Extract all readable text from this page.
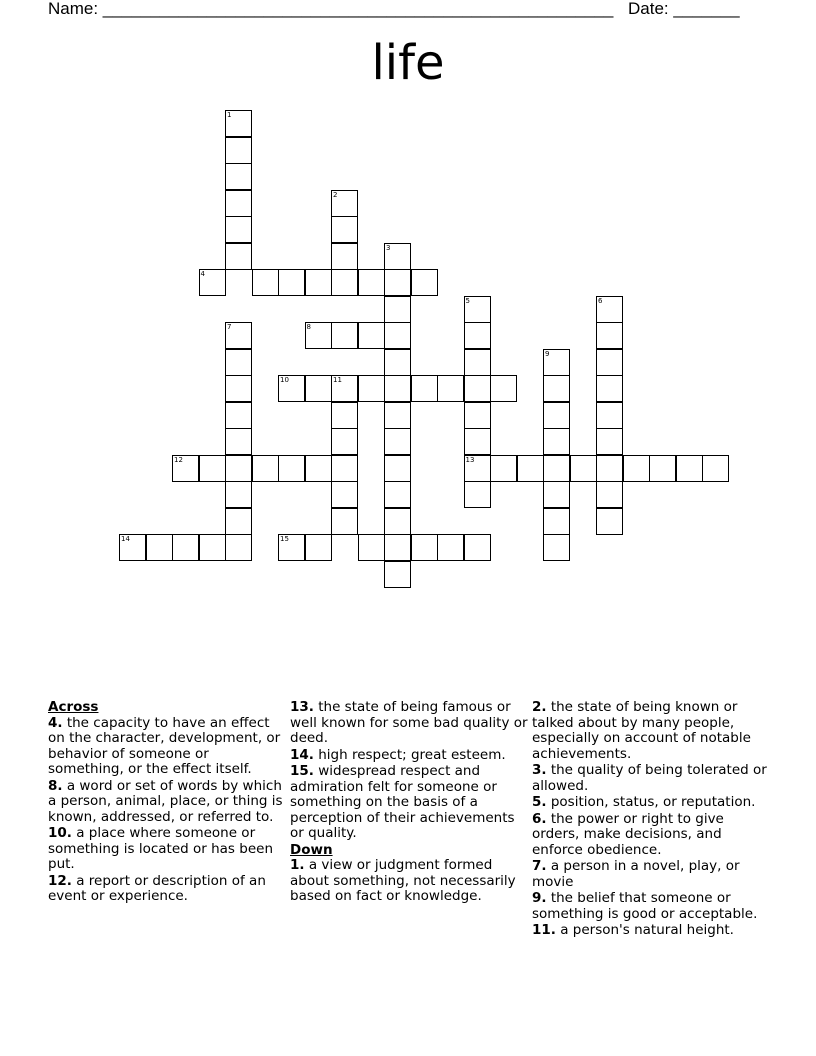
Name: ______________________________________________________ Date: _______
life
1
2
3
4
5
13
6
7	8
9
10	11
12
14	15
Across
4. the capacity to have an effect on the character, development, or behavior of someone or something, or the effect itself.
8. a word or set of words by which a person, animal, place, or thing is known, addressed, or referred to.
10. a place where someone or something is located or has been put.
12. a report or description of an event or experience.
13. the state of being famous or well known for some bad quality or deed.
14. high respect; great esteem.
15. widespread respect and admiration felt for someone or something on the basis of a perception of their achievements or quality.
Down
1. a view or judgment formed about something, not necessarily based on fact or knowledge.
2. the state of being known or talked about by many people, especially on account of notable achievements.
3. the quality of being tolerated or allowed.
5. position, status, or reputation.
6. the power or right to give orders, make decisions, and enforce obedience.
7. a person in a novel, play, or movie
9. the belief that someone or something is good or acceptable.
11. a person's natural height.
